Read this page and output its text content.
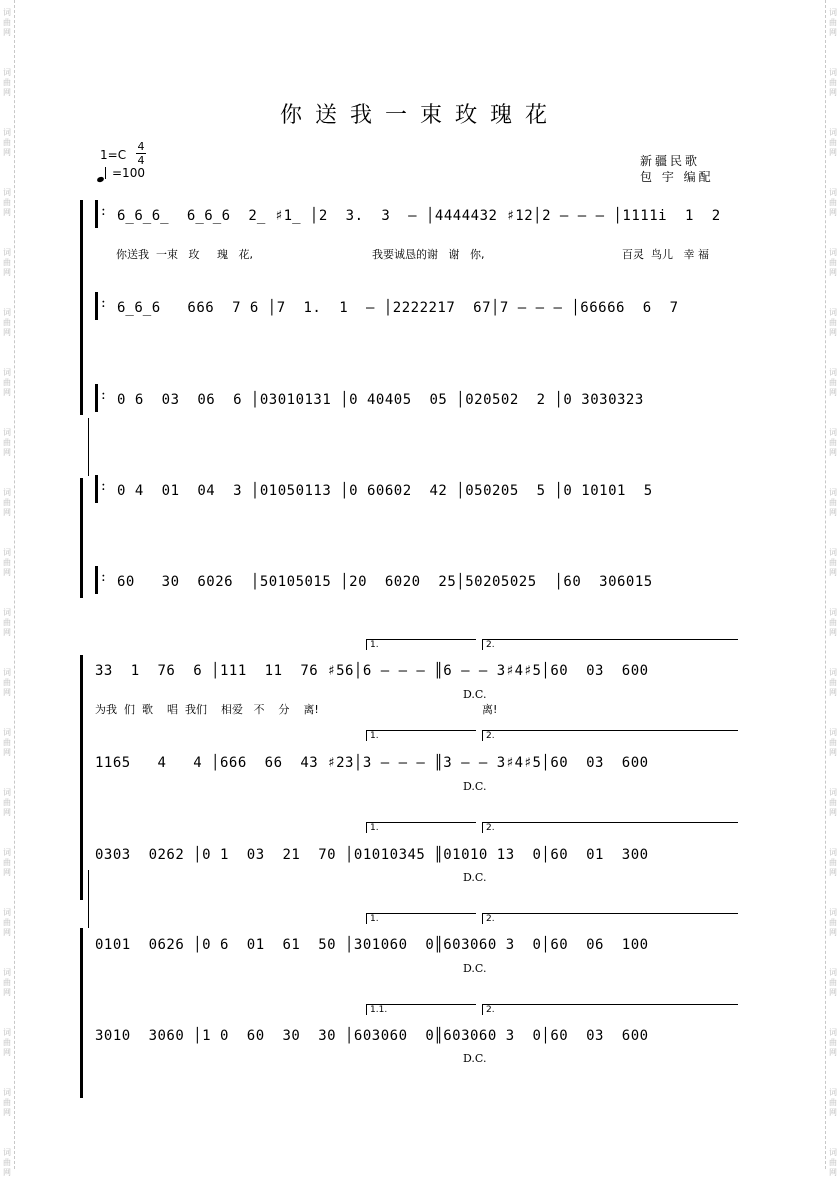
词曲网
词曲网
词曲网
词曲网
词曲网
词曲网
词曲网
词曲网
词曲网
词曲网
词曲网
词曲网
词曲网
词曲网
词曲网
词曲网
词曲网
词曲网
词曲网
词曲网
词曲网
词曲网
词曲网
词曲网
词曲网
词曲网
词曲网
词曲网
词曲网
词曲网
词曲网
词曲网
词曲网
词曲网
词曲网
词曲网
词曲网
词曲网
词曲网
词曲网
你送我一束玫瑰花
1=C
4
4
=100
新疆民歌
包 宇 编配
:
6̲6̲6̲  6̲6̲6  2̲ ♯1̲ │2  3.  3  – │4444432 ♯12│2 – – – │1111i  1  2
你送我  一束   玫     瑰   花,	我要诚恳的谢   谢   你,	百灵  鸟儿   幸 福
:
6̲6̲6   666  7 6 │7  1.  1  – │2222217  67│7 – – – │66666  6  7
:
0 6  03  06  6 │03010131 │0 40405  05 │020502  2 │0 3030323
:
0 4  01  04  3 │01050113 │0 60602  42 │050205  5 │0 10101  5
:
60   30  6026  │50105015 │20  6020  25│50205025  │60  306015
1.	2.
33  1  76  6 │111  11  76 ♯56│6 – – – ║6 – – 3♯4♯5│60  03  600
D.C.
为我  们  歌    唱  我们    相爱   不    分    离!	离!
1.	2.
1165   4   4 │666  66  43 ♯23│3 – – – ║3 – – 3♯4♯5│60  03  600
D.C.
1.	2.
0303  0262 │0 1  03  21  70 │01010345 ║01010 13  0│60  01  300
D.C.
1.	2.
0101  0626 │0 6  01  61  50 │301060  0║603060 3  0│60  06  100
D.C.
1.1.	2.
3010  3060 │1 0  60  30  30 │603060  0║603060 3  0│60  03  600
D.C.
